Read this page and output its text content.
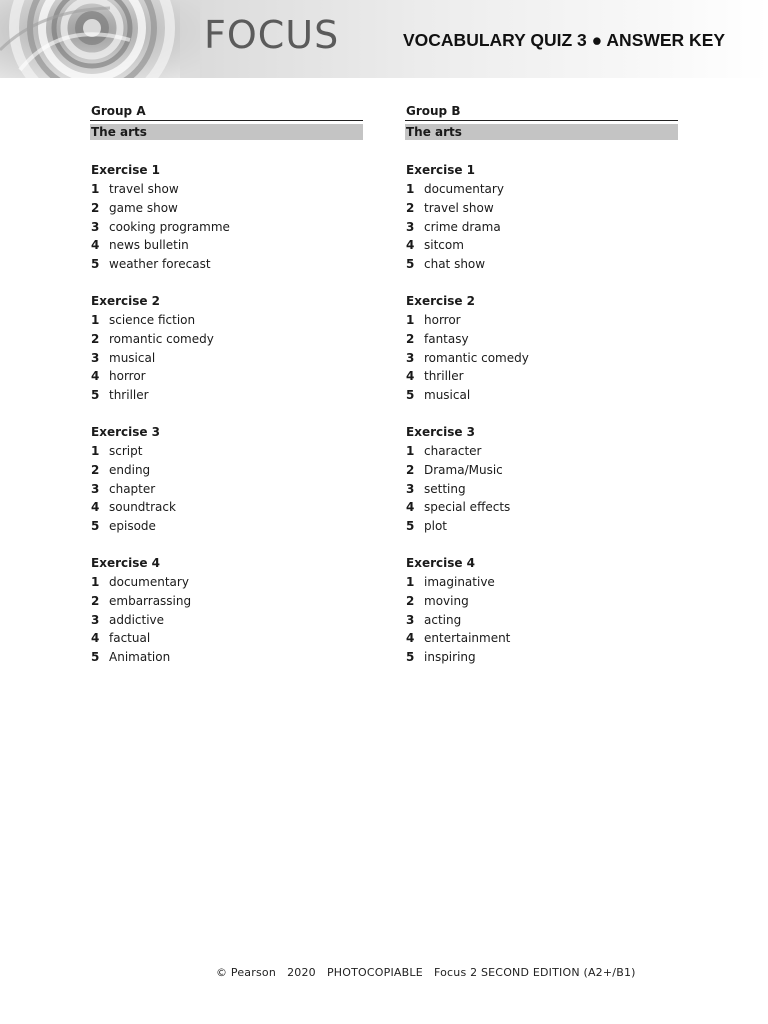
FOCUS	VOCABULARY QUIZ 3 ● ANSWER KEY
Group A
The arts
Exercise 1
1 travel show
2 game show
3 cooking programme
4 news bulletin
5 weather forecast
Exercise 2
1 science fiction
2 romantic comedy
3 musical
4 horror
5 thriller
Exercise 3
1 script
2 ending
3 chapter
4 soundtrack
5 episode
Exercise 4
1 documentary
2 embarrassing
3 addictive
4 factual
5 Animation
Group B
The arts
Exercise 1
1 documentary
2 travel show
3 crime drama
4 sitcom
5 chat show
Exercise 2
1 horror
2 fantasy
3 romantic comedy
4 thriller
5 musical
Exercise 3
1 character
2 Drama/Music
3 setting
4 special effects
5 plot
Exercise 4
1 imaginative
2 moving
3 acting
4 entertainment
5 inspiring
© Pearson   2020   PHOTOCOPIABLE   Focus 2 SECOND EDITION (A2+/B1)
